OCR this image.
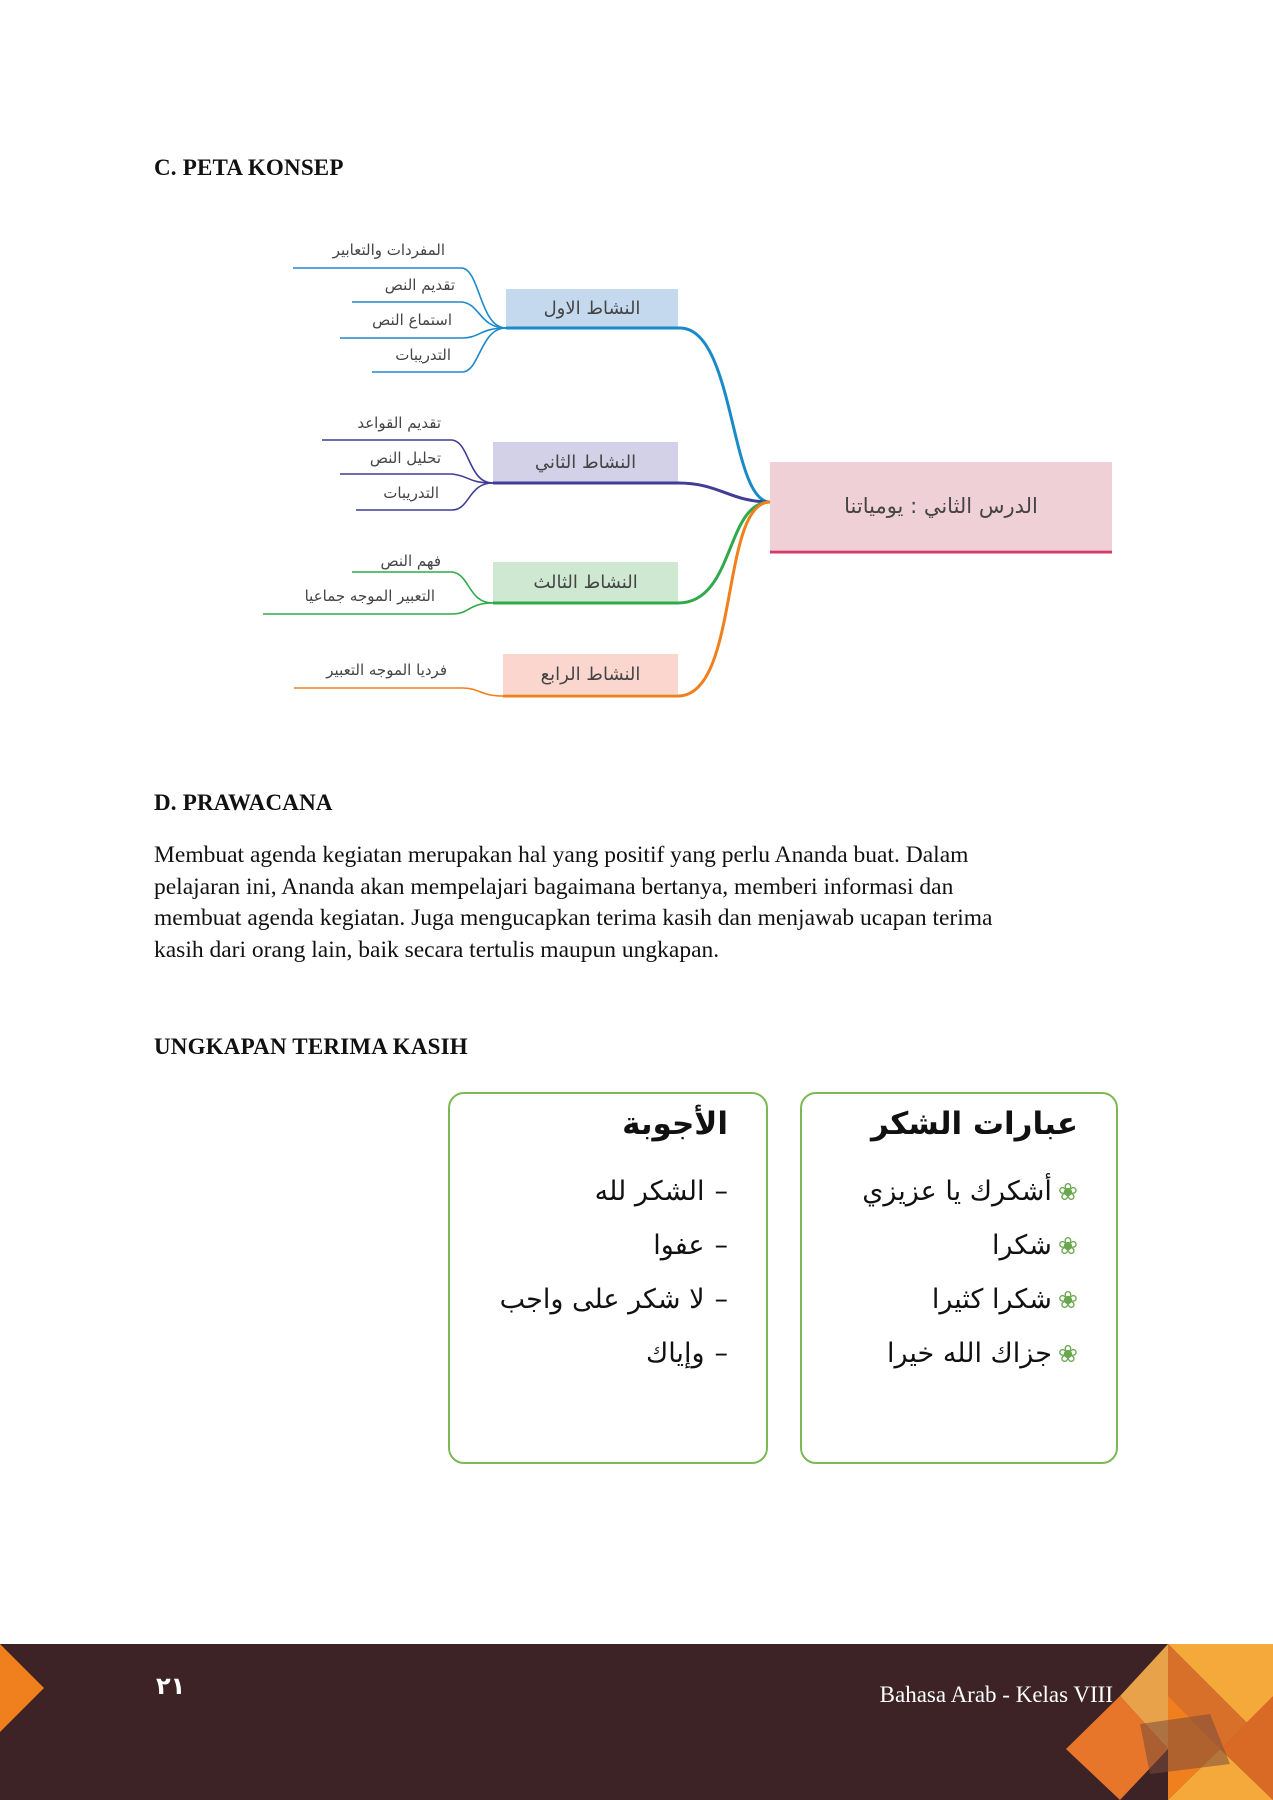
C. PETA KONSEP
D. PRAWACANA
UNGKAPAN TERIMA KASIH
الدرس الثاني : يومياتنا
النشاط الاول
النشاط الثاني
النشاط الثالث
النشاط الرابع
المفردات والتعابير
تقديم النص
استماع النص
التدريبات
تقديم القواعد
تحليل النص
التدريبات
فهم النص
التعبير الموجه جماعيا
فرديا الموجه التعبير
Membuat agenda kegiatan merupakan hal yang positif yang perlu Ananda buat. Dalam
pelajaran ini, Ananda akan mempelajari bagaimana bertanya, memberi informasi dan
membuat agenda kegiatan. Juga mengucapkan terima kasih dan menjawab ucapan terima
kasih dari orang lain, baik secara tertulis maupun ungkapan.
عبارات الشكر
❀
أشكرك يا عزيزي
❀
شكرا
❀
شكرا كثيرا
❀
جزاك الله خيرا
الأجوبة
–
الشكر لله
–
عفوا
–
لا شكر على واجب
–
وإياك
٢١	Bahasa Arab - Kelas VIII
